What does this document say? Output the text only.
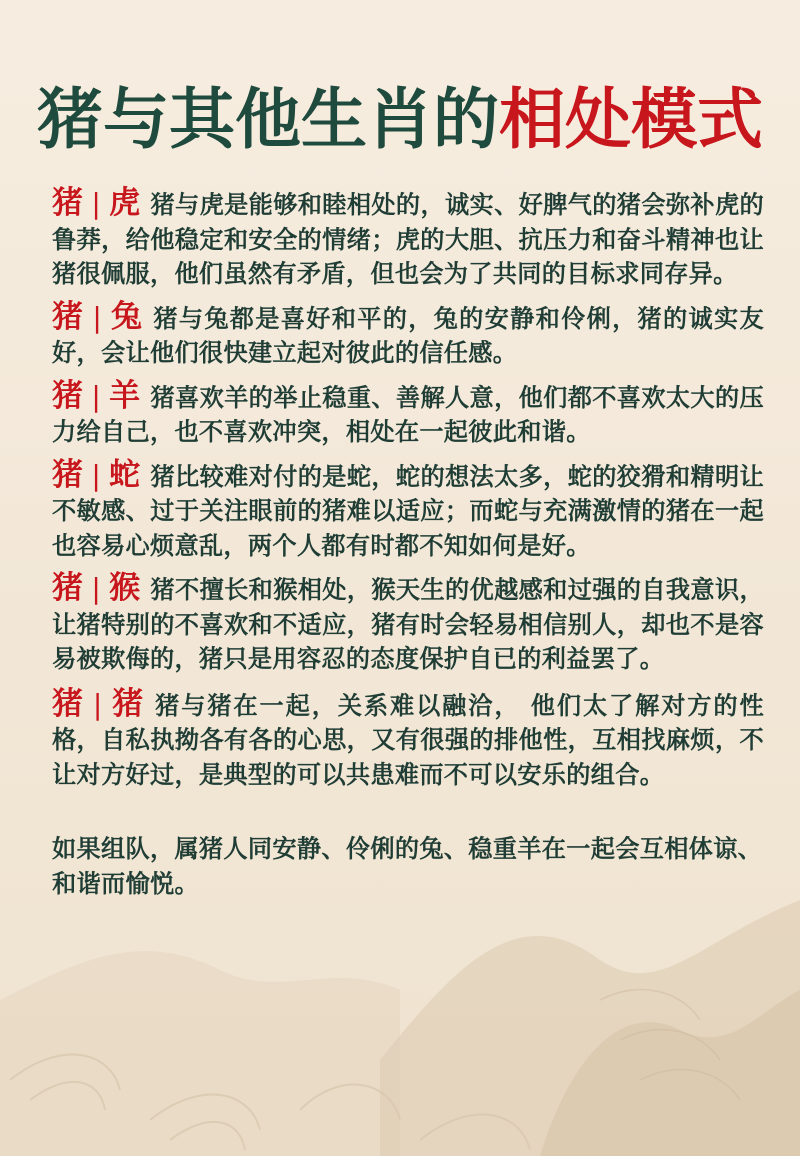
猪与其他生肖的相处模式
猪 | 虎 猪与虎是能够和睦相处的，诚实、好脾气的猪会弥补虎的鲁莽，给他稳定和安全的情绪；虎的大胆、抗压力和奋斗精神也让猪很佩服，他们虽然有矛盾，但也会为了共同的目标求同存异。
猪 | 兔 猪与兔都是喜好和平的，兔的安静和伶俐，猪的诚实友好，会让他们很快建立起对彼此的信任感。
猪 | 羊 猪喜欢羊的举止稳重、善解人意，他们都不喜欢太大的压力给自己，也不喜欢冲突，相处在一起彼此和谐。
猪 | 蛇 猪比较难对付的是蛇，蛇的想法太多，蛇的狡猾和精明让不敏感、过于关注眼前的猪难以适应；而蛇与充满激情的猪在一起也容易心烦意乱，两个人都有时都不知如何是好。
猪 | 猴 猪不擅长和猴相处，猴天生的优越感和过强的自我意识，让猪特别的不喜欢和不适应，猪有时会轻易相信别人，却也不是容易被欺侮的，猪只是用容忍的态度保护自已的利益罢了。
猪 | 猪 猪与猪在一起，关系难以融洽， 他们太了解对方的性格，自私执拗各有各的心思，又有很强的排他性，互相找麻烦，不让对方好过，是典型的可以共患难而不可以安乐的组合。
如果组队，属猪人同安静、伶俐的兔、稳重羊在一起会互相体谅、和谐而愉悦。
